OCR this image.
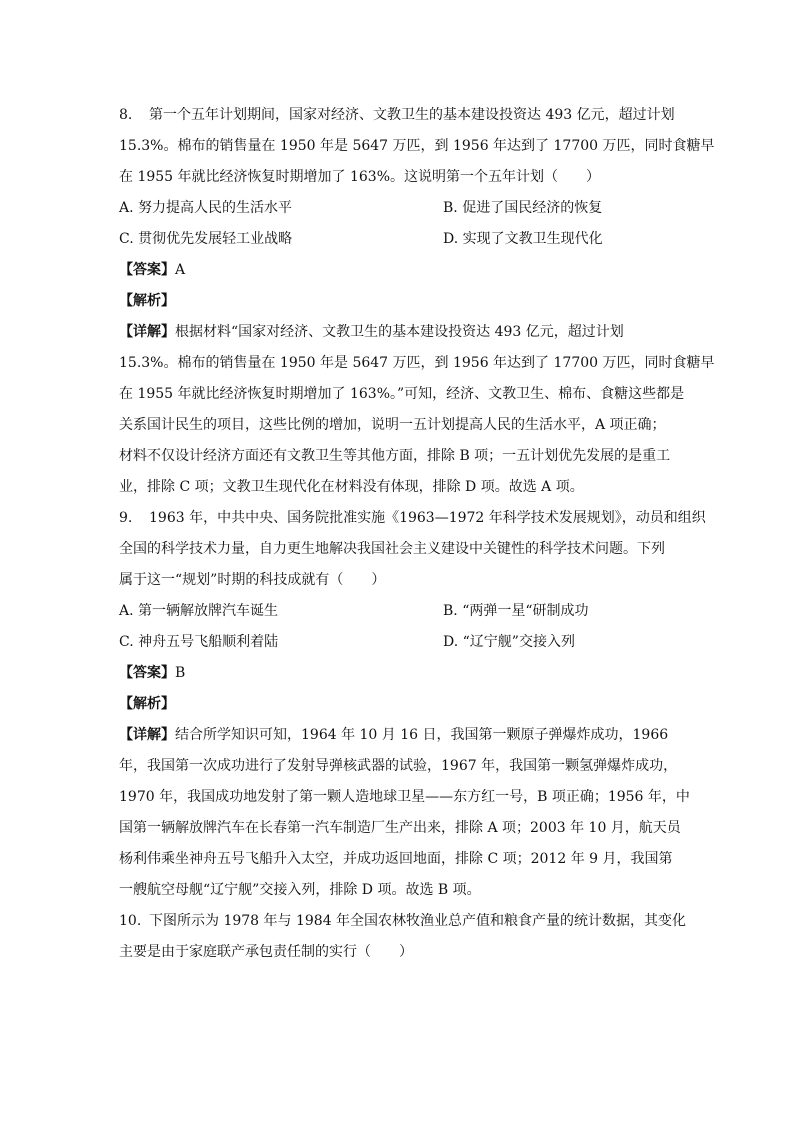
8. 第一个五年计划期间，国家对经济、文教卫生的基本建设投资达 493 亿元，超过计划
15.3%。棉布的销售量在 1950 年是 5647 万匹，到 1956 年达到了 17700 万匹，同时食糖早
在 1955 年就比经济恢复时期增加了 163%。这说明第一个五年计划（　　）
A. 努力提高人民的生活水平	B. 促进了国民经济的恢复
C. 贯彻优先发展轻工业战略	D. 实现了文教卫生现代化
【答案】A
【解析】
【详解】根据材料“国家对经济、文教卫生的基本建设投资达 493 亿元，超过计划
15.3%。棉布的销售量在 1950 年是 5647 万匹，到 1956 年达到了 17700 万匹，同时食糖早
在 1955 年就比经济恢复时期增加了 163%。”可知，经济、文教卫生、棉布、食糖这些都是
关系国计民生的项目，这些比例的增加，说明一五计划提高人民的生活水平，A 项正确；
材料不仅设计经济方面还有文教卫生等其他方面，排除 B 项；一五计划优先发展的是重工
业，排除 C 项；文教卫生现代化在材料没有体现，排除 D 项。故选 A 项。
9. 1963 年，中共中央、国务院批准实施《1963—1972 年科学技术发展规划》，动员和组织
全国的科学技术力量，自力更生地解决我国社会主义建设中关键性的科学技术问题。下列
属于这一“规划”时期的科技成就有（　　）
A. 第一辆解放牌汽车诞生	B. “两弹一星“研制成功
C. 神舟五号飞船顺利着陆	D. “辽宁舰”交接入列
【答案】B
【解析】
【详解】结合所学知识可知，1964 年 10 月 16 日，我国第一颗原子弹爆炸成功，1966
年，我国第一次成功进行了发射导弹核武器的试验，1967 年，我国第一颗氢弹爆炸成功，
1970 年，我国成功地发射了第一颗人造地球卫星——东方红一号，B 项正确；1956 年，中
国第一辆解放牌汽车在长春第一汽车制造厂生产出来，排除 A 项；2003 年 10 月，航天员
杨利伟乘坐神舟五号飞船升入太空，并成功返回地面，排除 C 项；2012 年 9 月，我国第
一艘航空母舰“辽宁舰”交接入列，排除 D 项。故选 B 项。
10. 下图所示为 1978 年与 1984 年全国农林牧渔业总产值和粮食产量的统计数据，其变化
主要是由于家庭联产承包责任制的实行（　　）
